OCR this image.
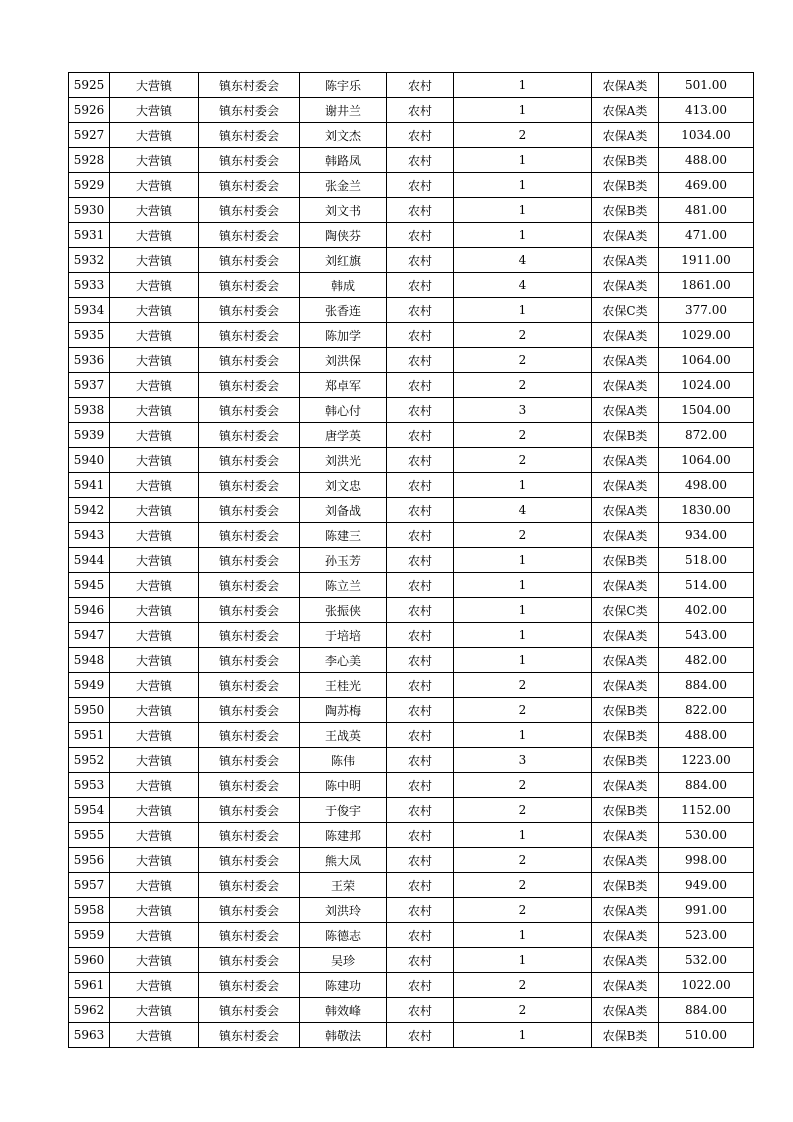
5925	大营镇	镇东村委会	陈宇乐	农村	1	农保A类	501.00
5926	大营镇	镇东村委会	谢井兰	农村	1	农保A类	413.00
5927	大营镇	镇东村委会	刘文杰	农村	2	农保A类	1034.00
5928	大营镇	镇东村委会	韩路凤	农村	1	农保B类	488.00
5929	大营镇	镇东村委会	张金兰	农村	1	农保B类	469.00
5930	大营镇	镇东村委会	刘文书	农村	1	农保B类	481.00
5931	大营镇	镇东村委会	陶侠芬	农村	1	农保A类	471.00
5932	大营镇	镇东村委会	刘红旗	农村	4	农保A类	1911.00
5933	大营镇	镇东村委会	韩成	农村	4	农保A类	1861.00
5934	大营镇	镇东村委会	张香连	农村	1	农保C类	377.00
5935	大营镇	镇东村委会	陈加学	农村	2	农保A类	1029.00
5936	大营镇	镇东村委会	刘洪保	农村	2	农保A类	1064.00
5937	大营镇	镇东村委会	郑卓军	农村	2	农保A类	1024.00
5938	大营镇	镇东村委会	韩心付	农村	3	农保A类	1504.00
5939	大营镇	镇东村委会	唐学英	农村	2	农保B类	872.00
5940	大营镇	镇东村委会	刘洪光	农村	2	农保A类	1064.00
5941	大营镇	镇东村委会	刘文忠	农村	1	农保A类	498.00
5942	大营镇	镇东村委会	刘备战	农村	4	农保A类	1830.00
5943	大营镇	镇东村委会	陈建三	农村	2	农保A类	934.00
5944	大营镇	镇东村委会	孙玉芳	农村	1	农保B类	518.00
5945	大营镇	镇东村委会	陈立兰	农村	1	农保A类	514.00
5946	大营镇	镇东村委会	张振侠	农村	1	农保C类	402.00
5947	大营镇	镇东村委会	于培培	农村	1	农保A类	543.00
5948	大营镇	镇东村委会	李心美	农村	1	农保A类	482.00
5949	大营镇	镇东村委会	王桂光	农村	2	农保A类	884.00
5950	大营镇	镇东村委会	陶苏梅	农村	2	农保B类	822.00
5951	大营镇	镇东村委会	王战英	农村	1	农保B类	488.00
5952	大营镇	镇东村委会	陈伟	农村	3	农保B类	1223.00
5953	大营镇	镇东村委会	陈中明	农村	2	农保A类	884.00
5954	大营镇	镇东村委会	于俊宇	农村	2	农保B类	1152.00
5955	大营镇	镇东村委会	陈建邦	农村	1	农保A类	530.00
5956	大营镇	镇东村委会	熊大凤	农村	2	农保A类	998.00
5957	大营镇	镇东村委会	王荣	农村	2	农保B类	949.00
5958	大营镇	镇东村委会	刘洪玲	农村	2	农保A类	991.00
5959	大营镇	镇东村委会	陈德志	农村	1	农保A类	523.00
5960	大营镇	镇东村委会	吴珍	农村	1	农保A类	532.00
5961	大营镇	镇东村委会	陈建功	农村	2	农保A类	1022.00
5962	大营镇	镇东村委会	韩效峰	农村	2	农保A类	884.00
5963	大营镇	镇东村委会	韩敬法	农村	1	农保B类	510.00
